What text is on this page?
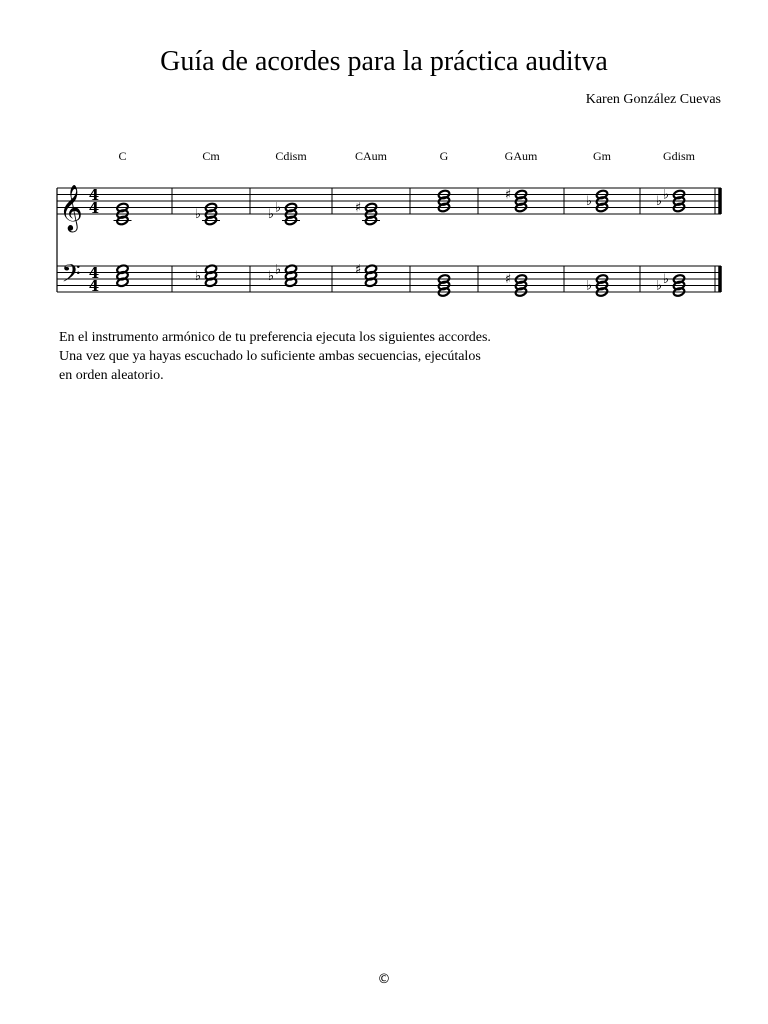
Guía de acordes para la práctica auditva
Karen González Cuevas
C	Cm	Cdism	CAum	G	GAum	Gm	Gdism
𝄞
𝄢
4
4
4
4
♭
♭
♭
♭
♭
♭
♯
♯
♯
♯
♭
♭
♭
♭
♭
♭
En el instrumento armónico de tu preferencia ejecuta los siguientes accordes.
Una vez que ya hayas escuchado lo suficiente ambas secuencias, ejecútalos
en orden aleatorio.
©
